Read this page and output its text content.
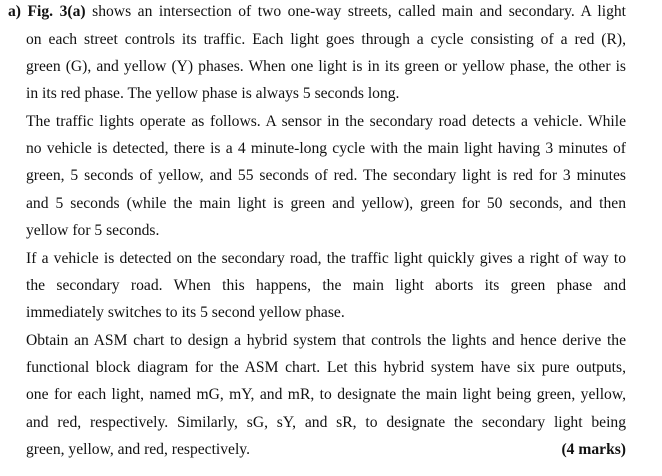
a) Fig. 3(a) shows an intersection of two one-way streets, called main and secondary. A light
on each street controls its traffic. Each light goes through a cycle consisting of a red (R),
green (G), and yellow (Y) phases. When one light is in its green or yellow phase, the other is
in its red phase. The yellow phase is always 5 seconds long.
The traffic lights operate as follows. A sensor in the secondary road detects a vehicle. While
no vehicle is detected, there is a 4 minute-long cycle with the main light having 3 minutes of
green, 5 seconds of yellow, and 55 seconds of red. The secondary light is red for 3 minutes
and 5 seconds (while the main light is green and yellow), green for 50 seconds, and then
yellow for 5 seconds.
If a vehicle is detected on the secondary road, the traffic light quickly gives a right of way to
the secondary road. When this happens, the main light aborts its green phase and
immediately switches to its 5 second yellow phase.
Obtain an ASM chart to design a hybrid system that controls the lights and hence derive the
functional block diagram for the ASM chart. Let this hybrid system have six pure outputs,
one for each light, named mG, mY, and mR, to designate the main light being green, yellow,
and red, respectively. Similarly, sG, sY, and sR, to designate the secondary light being
green, yellow, and red, respectively.	(4 marks)
